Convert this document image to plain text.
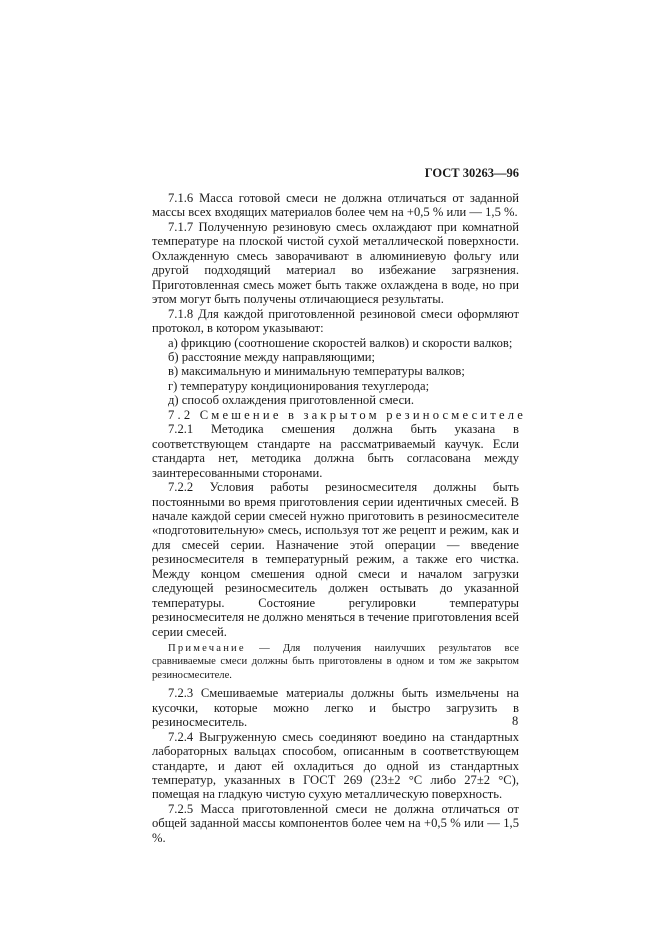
ГОСТ 30263—96

7.1.6 Масса готовой смеси не должна отличаться от заданной массы всех входящих материалов более чем на +0,5 % или — 1,5 %.

7.1.7 Полученную резиновую смесь охлаждают при комнатной температуре на плоской чистой сухой металлической поверхности. Охлажденную смесь заворачивают в алюминиевую фольгу или другой подходящий материал во избежание загрязнения. Приготовленная смесь может быть также охлаждена в воде, но при этом могут быть получены отличающиеся результаты.

7.1.8 Для каждой приготовленной резиновой смеси оформляют протокол, в котором указывают:

а) фрикцию (соотношение скоростей валков) и скорости валков;

б) расстояние между направляющими;

в) максимальную и минимальную температуры валков;

г) температуру кондиционирования техуглерода;

д) способ охлаждения приготовленной смеси.

7.2 Смешение в закрытом резиносмесителе

7.2.1 Методика смешения должна быть указана в соответствующем стандарте на рассматриваемый каучук. Если стандарта нет, методика должна быть согласована между заинтересованными сторонами.

7.2.2 Условия работы резиносмесителя должны быть постоянными во время приготовления серии идентичных смесей. В начале каждой серии смесей нужно приготовить в резиносмесителе «подготовительную» смесь, используя тот же рецепт и режим, как и для смесей серии. Назначение этой операции — введение резиносмесителя в температурный режим, а также его чистка. Между концом смешения одной смеси и началом загрузки следующей резиносмеситель должен остывать до указанной температуры. Состояние регулировки температуры резиносмесителя не должно меняться в течение приготовления всей серии смесей.

Примечание — Для получения наилучших результатов все сравниваемые смеси должны быть приготовлены в одном и том же закрытом резиносмесителе.

7.2.3 Смешиваемые материалы должны быть измельчены на кусочки, которые можно легко и быстро загрузить в резиносмеситель.

7.2.4 Выгруженную смесь соединяют воедино на стандартных лабораторных вальцах способом, описанным в соответствующем стандарте, и дают ей охладиться до одной из стандартных температур, указанных в ГОСТ 269 (23±2 °С либо 27±2 °С), помещая на гладкую чистую сухую металлическую поверхность.

7.2.5 Масса приготовленной смеси не должна отличаться от общей заданной массы компонентов более чем на +0,5 % или — 1,5 %.

8
